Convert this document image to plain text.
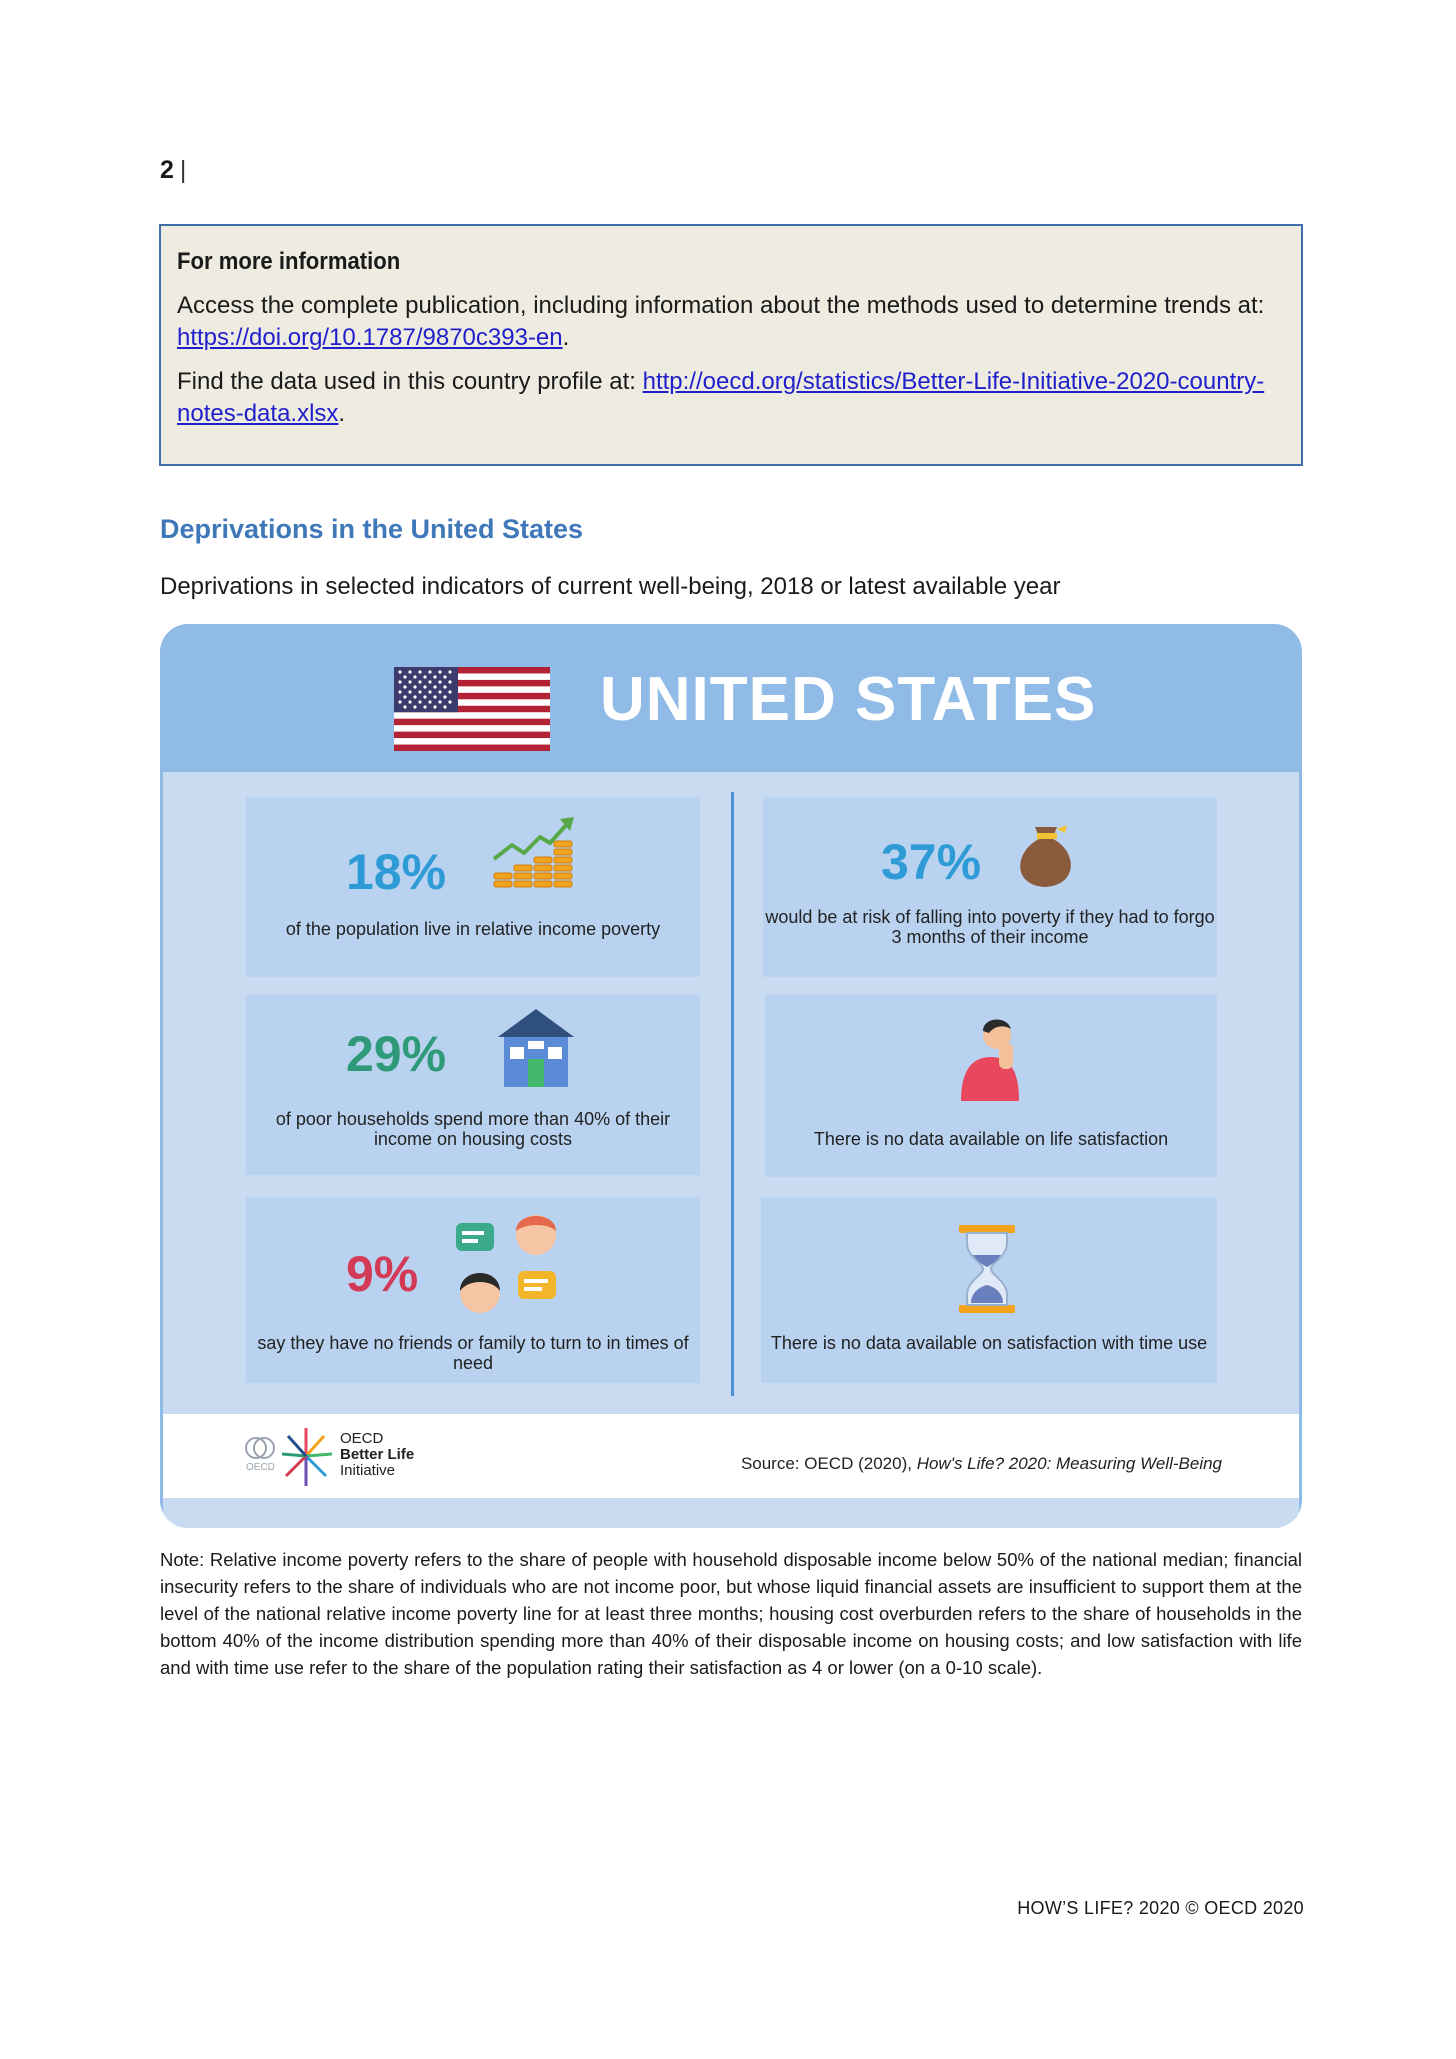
2 |
For more information

Access the complete publication, including information about the methods used to determine trends at: https://doi.org/10.1787/9870c393-en.

Find the data used in this country profile at: http://oecd.org/statistics/Better-Life-Initiative-2020-country-notes-data.xlsx.

Deprivations in the United States
Deprivations in selected indicators of current well-being, 2018 or latest available year
UNITED STATES
18%
of the population live in relative income poverty
37%
would be at risk of falling into poverty if they had to forgo 3 months of their income
29%
of poor households spend more than 40% of their income on housing costs	There is no data available on life satisfaction
9%
say they have no friends or family to turn to in times of need
There is no data available on satisfaction with time use
OECD
OECD
Better Life
Initiative	Source: OECD (2020), How's Life? 2020: Measuring Well-Being
Note: Relative income poverty refers to the share of people with household disposable income below 50% of the national median; financial insecurity refers to the share of individuals who are not income poor, but whose liquid financial assets are insufficient to support them at the level of the national relative income poverty line for at least three months; housing cost overburden refers to the share of households in the bottom 40% of the income distribution spending more than 40% of their disposable income on housing costs; and low satisfaction with life and with time use refer to the share of the population rating their satisfaction as 4 or lower (on a 0-10 scale).
HOW’S LIFE? 2020 © OECD 2020
